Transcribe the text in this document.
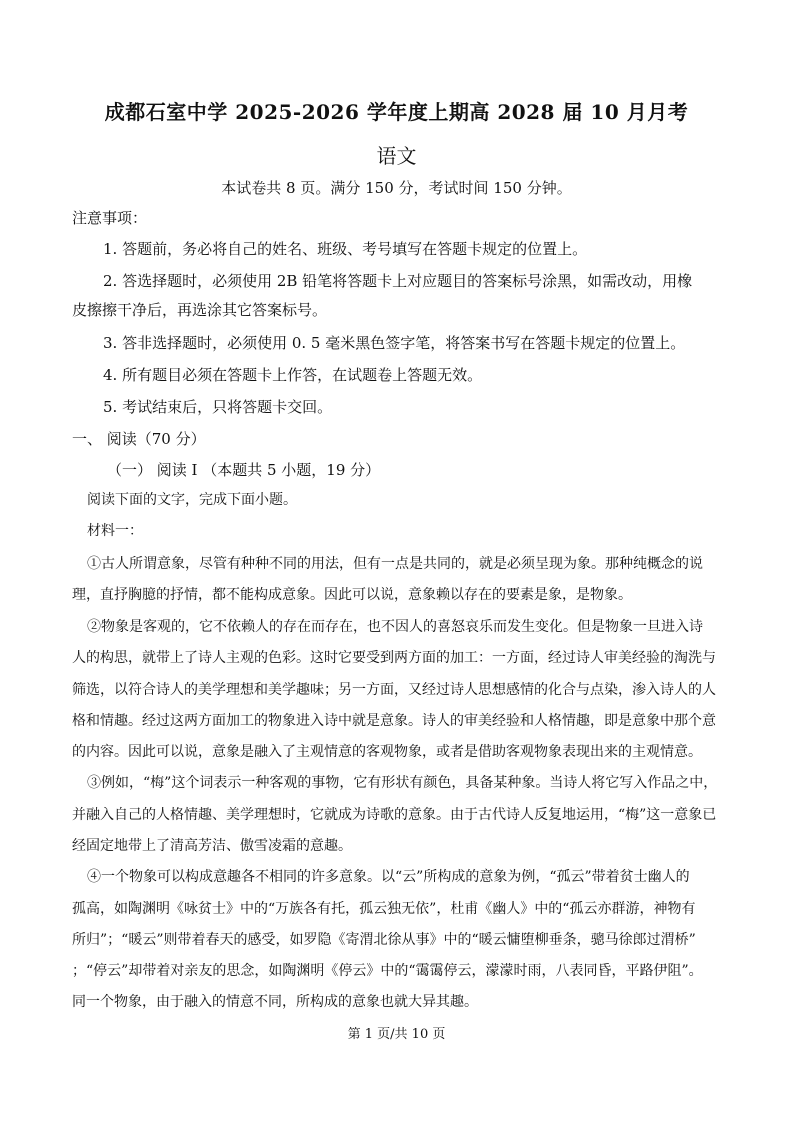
成都石室中学 2025-2026 学年度上期高 2028 届 10 月月考
语文
本试卷共 8 页。满分 150 分，考试时间 150 分钟。
注意事项：
1. 答题前，务必将自己的姓名、班级、考号填写在答题卡规定的位置上。
2. 答选择题时，必须使用 2B 铅笔将答题卡上对应题目的答案标号涂黑，如需改动，用橡
皮擦擦干净后，再选涂其它答案标号。
3. 答非选择题时，必须使用 0. 5 毫米黑色签字笔，将答案书写在答题卡规定的位置上。
4. 所有题目必须在答题卡上作答，在试题卷上答题无效。
5. 考试结束后，只将答题卡交回。
一、 阅读（70 分）
（一） 阅读 I （本题共 5 小题，19 分）
阅读下面的文字，完成下面小题。
材料一：
①古人所谓意象，尽管有种种不同的用法，但有一点是共同的，就是必须呈现为象。那种纯概念的说
理，直抒胸臆的抒情，都不能构成意象。因此可以说，意象赖以存在的要素是象，是物象。
②物象是客观的，它不依赖人的存在而存在，也不因人的喜怒哀乐而发生变化。但是物象一旦进入诗
人的构思，就带上了诗人主观的色彩。这时它要受到两方面的加工：一方面，经过诗人审美经验的淘洗与
筛选，以符合诗人的美学理想和美学趣味；另一方面，又经过诗人思想感情的化合与点染，渗入诗人的人
格和情趣。经过这两方面加工的物象进入诗中就是意象。诗人的审美经验和人格情趣，即是意象中那个意
的内容。因此可以说，意象是融入了主观情意的客观物象，或者是借助客观物象表现出来的主观情意。
③例如，“梅”这个词表示一种客观的事物，它有形状有颜色，具备某种象。当诗人将它写入作品之中，
并融入自己的人格情趣、美学理想时，它就成为诗歌的意象。由于古代诗人反复地运用，“梅”这一意象已
经固定地带上了清高芳洁、傲雪凌霜的意趣。
④一个物象可以构成意趣各不相同的许多意象。以“云”所构成的意象为例，“孤云”带着贫士幽人的
孤高，如陶渊明《咏贫士》中的“万族各有托，孤云独无依”，杜甫《幽人》中的“孤云亦群游，神物有
所归”；“暖云”则带着春天的感受，如罗隐《寄渭北徐从事》中的“暖云慵堕柳垂条，骢马徐郎过渭桥”
；“停云”却带着对亲友的思念，如陶渊明《停云》中的“霭霭停云，濛濛时雨，八表同昏，平路伊阻”。
同一个物象，由于融入的情意不同，所构成的意象也就大异其趣。
第 1 页/共 10 页
